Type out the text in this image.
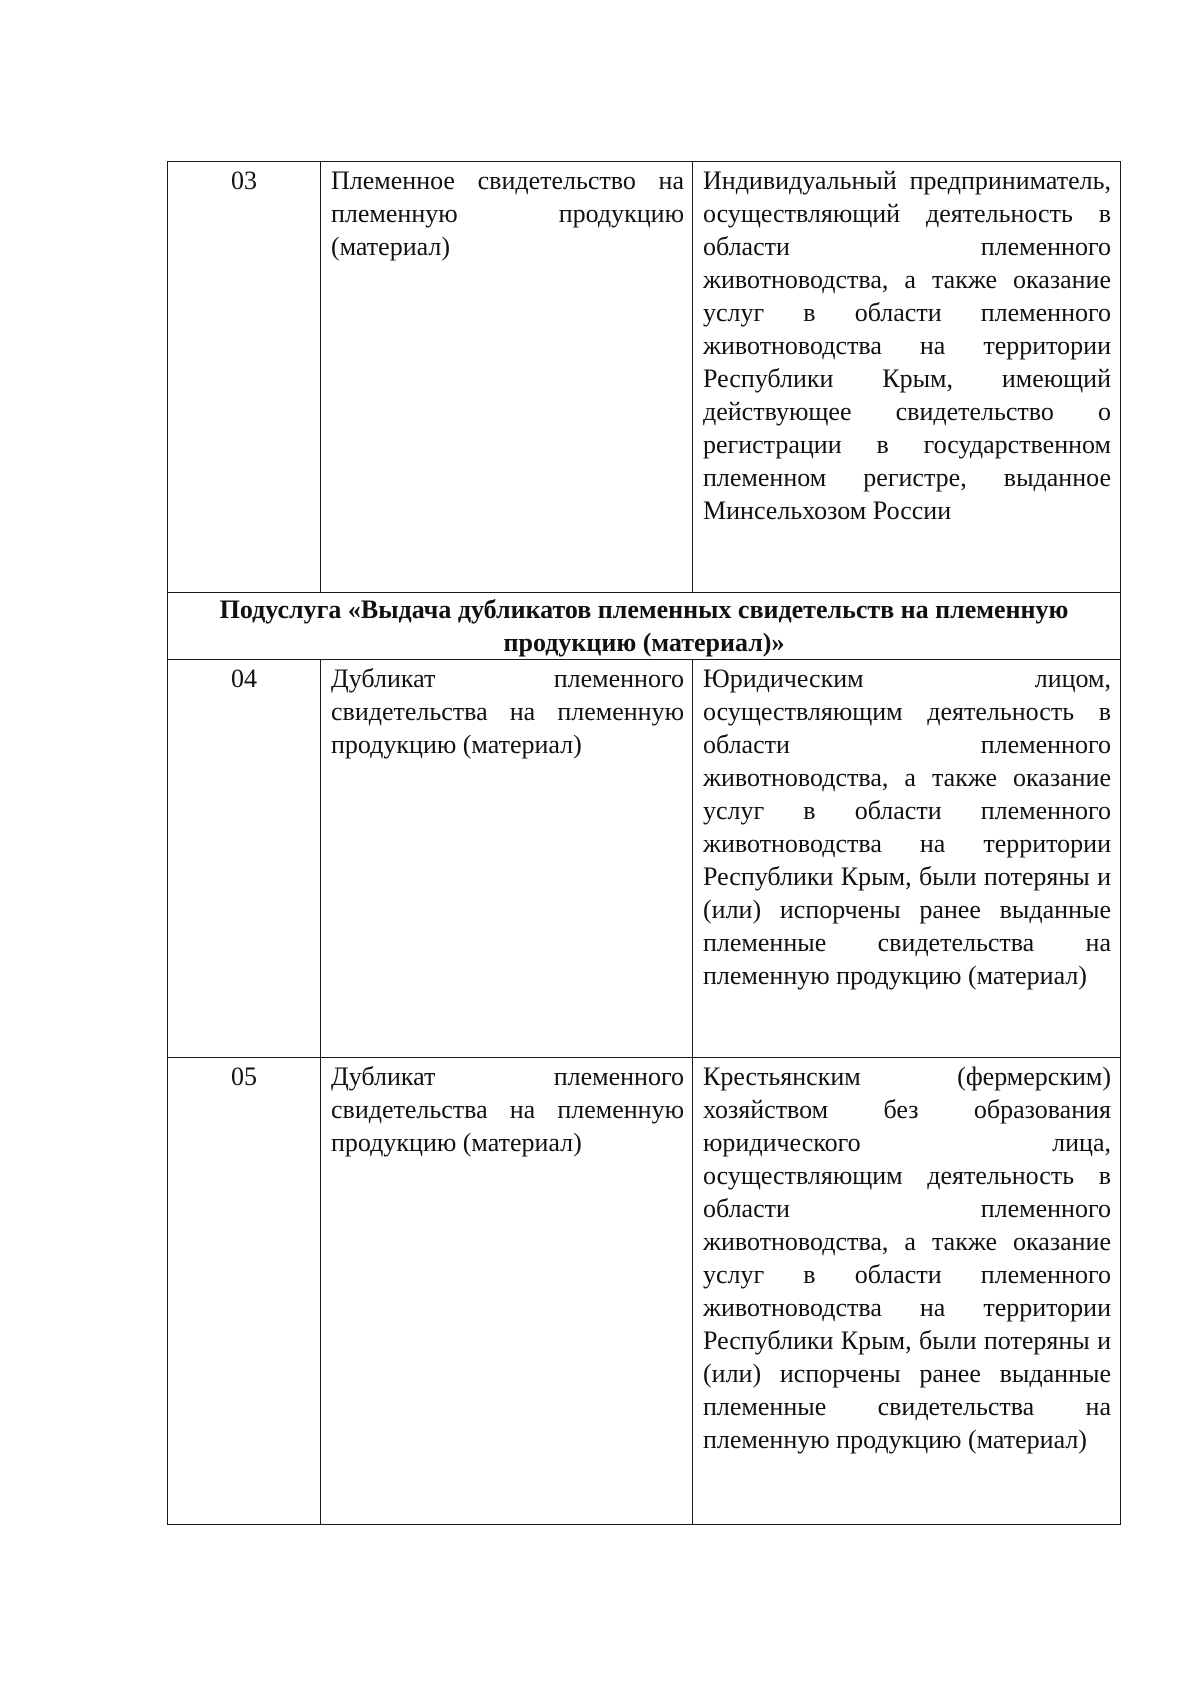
03	Племенное свидетельство на племенную продукцию (материал)	Индивидуальный предприниматель, осуществляющий деятельность в области племенного животноводства, а также оказание услуг в области племенного животноводства на территории Республики Крым, имеющий действующее свидетельство о регистрации в государственном племенном регистре, выданное Минсельхозом России
Подуслуга «Выдача дубликатов племенных свидетельств на племенную продукцию (материал)»		
04	Дубликат племенного свидетельства на племенную продукцию (материал)	Юридическим лицом, осуществляющим деятельность в области племенного животноводства, а также оказание услуг в области племенного животноводства на территории Республики Крым, были потеряны и (или) испорчены ранее выданные племенные свидетельства на племенную продукцию (материал)
05	Дубликат племенного свидетельства на племенную продукцию (материал)	Крестьянским (фермерским) хозяйством без образования юридического лица, осуществляющим деятельность в области племенного животноводства, а также оказание услуг в области племенного животноводства на территории Республики Крым, были потеряны и (или) испорчены ранее выданные племенные свидетельства на племенную продукцию (материал)
